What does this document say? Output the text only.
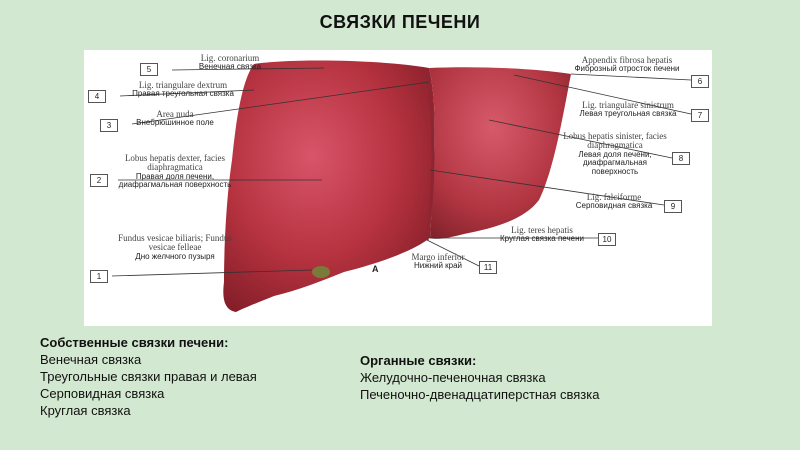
СВЯЗКИ ПЕЧЕНИ
Lig. coronarium
Венечная связка
5
Lig. triangulare dextrum
Правая треугольная связка
4
Area nuda
Внебрюшинное поле
3
Lobus hepatis dexter, facies diaphragmatica
Правая доля печени, диафрагмальная поверхность
2
Fundus vesicae biliaris; Fundus vesicae felleae
Дно желчного пузыря
1
Appendix fibrosa hepatis
Фиброзный отросток печени
6
Lig. triangulare sinistrum
Левая треугольная связка	7
Lobus hepatis sinister, facies diaphragmatica
Левая доля печени, диафрагмальная поверхность
8
Lig. falciforme
Серповидная связка	9
Lig. teres hepatis
Круглая связка печени	10
Margo inferior
Нижний край	11
A
Собственные связки печени:
Венечная связка
Треугольные связки правая и левая
Серповидная связка
Круглая связка
Органные связки:
Желудочно-печеночная связка
Печеночно-двенадцатиперстная связка
